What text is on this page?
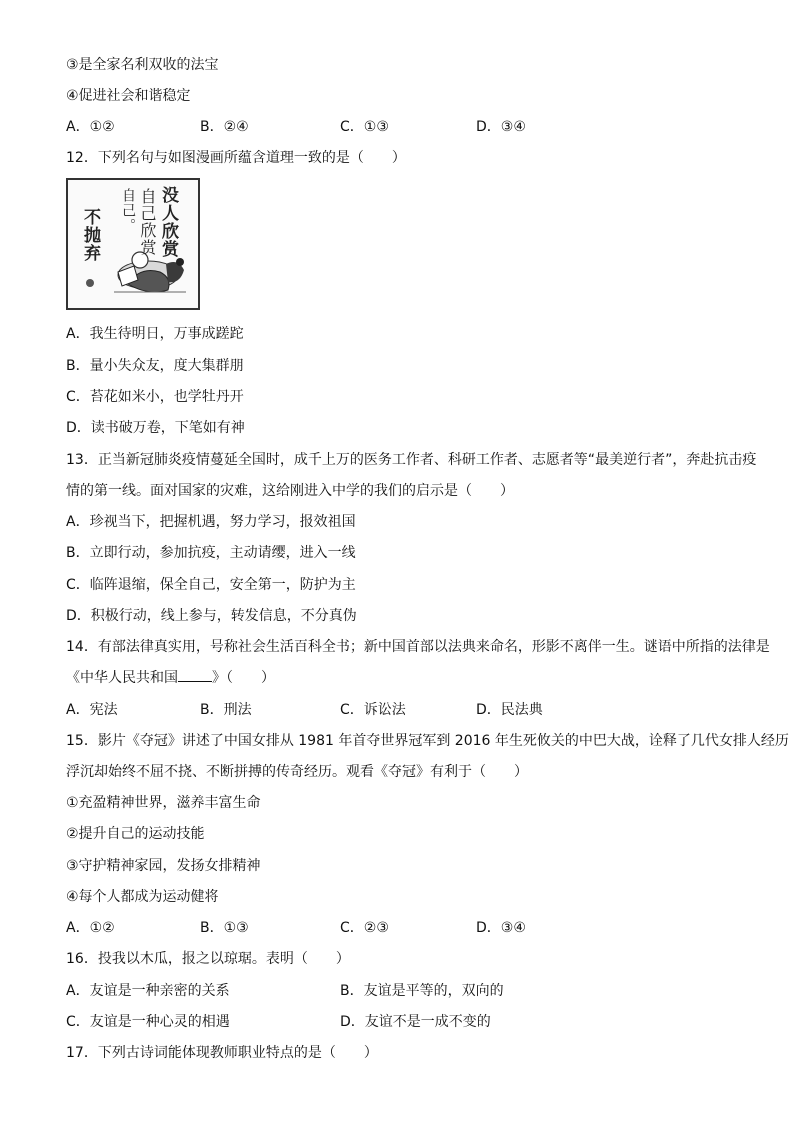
③是全家名利双收的法宝
④促进社会和谐稳定
A．①②	B．②④	C．①③	D．③④
12．下列名句与如图漫画所蕴含道理一致的是（　　）
没人欣赏
自己欣赏
自己。
不抛弃
A．我生待明日，万事成蹉跎
B．量小失众友，度大集群朋
C．苔花如米小，也学牡丹开
D．读书破万卷，下笔如有神
13．正当新冠肺炎疫情蔓延全国时，成千上万的医务工作者、科研工作者、志愿者等“最美逆行者”，奔赴抗击疫
情的第一线。面对国家的灾难，这给刚进入中学的我们的启示是（　　）
A．珍视当下，把握机遇，努力学习，报效祖国
B．立即行动，参加抗疫，主动请缨，进入一线
C．临阵退缩，保全自己，安全第一，防护为主
D．积极行动，线上参与，转发信息，不分真伪
14．有部法律真实用，号称社会生活百科全书；新中国首部以法典来命名，形影不离伴一生。谜语中所指的法律是
《中华人民共和国 》（　　）
A．宪法	B．刑法	C．诉讼法	D．民法典
15．影片《夺冠》讲述了中国女排从 1981 年首夺世界冠军到 2016 年生死攸关的中巴大战，诠释了几代女排人经历
浮沉却始终不屈不挠、不断拼搏的传奇经历。观看《夺冠》有利于（　　）
①充盈精神世界，滋养丰富生命
②提升自己的运动技能
③守护精神家园，发扬女排精神
④每个人都成为运动健将
A．①②	B．①③	C．②③	D．③④
16．投我以木瓜，报之以琼琚。表明（　　）
A．友谊是一种亲密的关系	B．友谊是平等的，双向的
C．友谊是一种心灵的相遇	D．友谊不是一成不变的
17．下列古诗词能体现教师职业特点的是（　　）
